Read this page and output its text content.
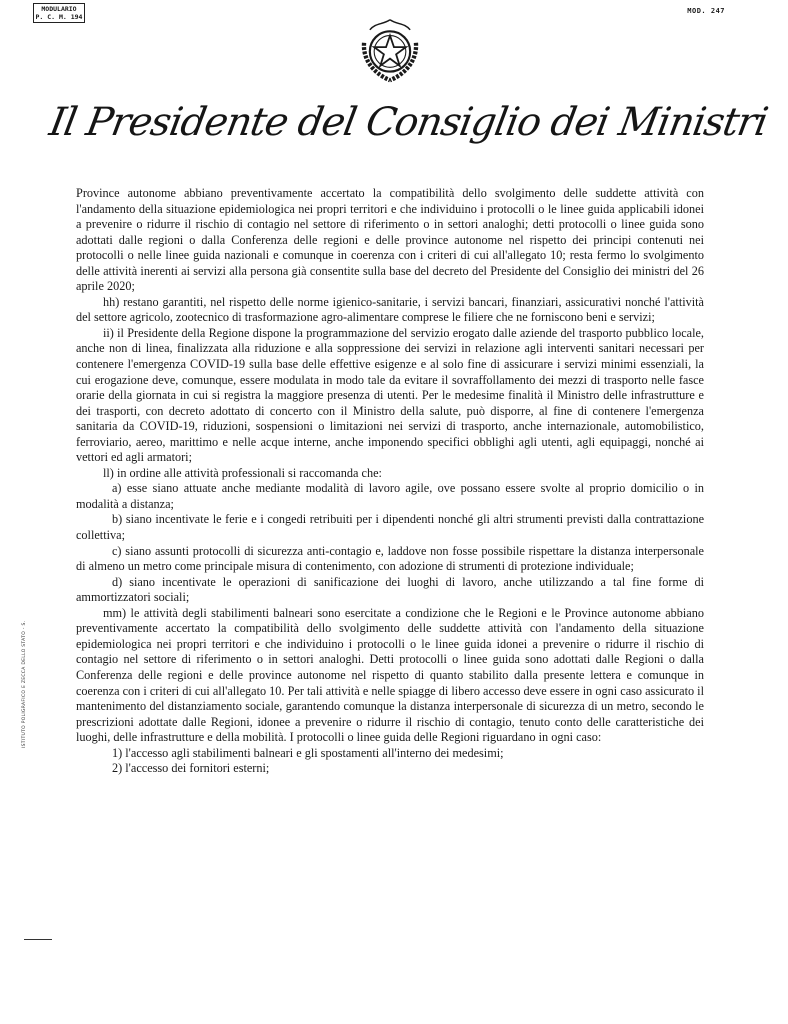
MODULARIO
P. C. M. 194
MOD. 247
Il Presidente del Consiglio dei Ministri
ISTITUTO POLIGRAFICO E ZECCA DELLO STATO - S.

Province autonome abbiano preventivamente accertato la compatibilità dello svolgimento delle suddette attività con l'andamento della situazione epidemiologica nei propri territori e che individuino i protocolli o le linee guida applicabili idonei a prevenire o ridurre il rischio di contagio nel settore di riferimento o in settori analoghi; detti protocolli o linee guida sono adottati dalle regioni o dalla Conferenza delle regioni e delle province autonome nel rispetto dei principi contenuti nei protocolli o nelle linee guida nazionali e comunque in coerenza con i criteri di cui all'allegato 10; resta fermo lo svolgimento delle attività inerenti ai servizi alla persona già consentite sulla base del decreto del Presidente del Consiglio dei ministri del 26 aprile 2020;

hh) restano garantiti, nel rispetto delle norme igienico-sanitarie, i servizi bancari, finanziari, assicurativi nonché l'attività del settore agricolo, zootecnico di trasformazione agro-alimentare comprese le filiere che ne forniscono beni e servizi;

ii) il Presidente della Regione dispone la programmazione del servizio erogato dalle aziende del trasporto pubblico locale, anche non di linea, finalizzata alla riduzione e alla soppressione dei servizi in relazione agli interventi sanitari necessari per contenere l'emergenza COVID-19 sulla base delle effettive esigenze e al solo fine di assicurare i servizi minimi essenziali, la cui erogazione deve, comunque, essere modulata in modo tale da evitare il sovraffollamento dei mezzi di trasporto nelle fasce orarie della giornata in cui si registra la maggiore presenza di utenti. Per le medesime finalità il Ministro delle infrastrutture e dei trasporti, con decreto adottato di concerto con il Ministro della salute, può disporre, al fine di contenere l'emergenza sanitaria da COVID-19, riduzioni, sospensioni o limitazioni nei servizi di trasporto, anche internazionale, automobilistico, ferroviario, aereo, marittimo e nelle acque interne, anche imponendo specifici obblighi agli utenti, agli equipaggi, nonché ai vettori ed agli armatori;

ll) in ordine alle attività professionali si raccomanda che:

a) esse siano attuate anche mediante modalità di lavoro agile, ove possano essere svolte al proprio domicilio o in modalità a distanza;

b) siano incentivate le ferie e i congedi retribuiti per i dipendenti nonché gli altri strumenti previsti dalla contrattazione collettiva;

c) siano assunti protocolli di sicurezza anti-contagio e, laddove non fosse possibile rispettare la distanza interpersonale di almeno un metro come principale misura di contenimento, con adozione di strumenti di protezione individuale;

d) siano incentivate le operazioni di sanificazione dei luoghi di lavoro, anche utilizzando a tal fine forme di ammortizzatori sociali;

mm) le attività degli stabilimenti balneari sono esercitate a condizione che le Regioni e le Province autonome abbiano preventivamente accertato la compatibilità dello svolgimento delle suddette attività con l'andamento della situazione epidemiologica nei propri territori e che individuino i protocolli o le linee guida idonei a prevenire o ridurre il rischio di contagio nel settore di riferimento o in settori analoghi. Detti protocolli o linee guida sono adottati dalle Regioni o dalla Conferenza delle regioni e delle province autonome nel rispetto di quanto stabilito dalla presente lettera e comunque in coerenza con i criteri di cui all'allegato 10. Per tali attività e nelle spiagge di libero accesso deve essere in ogni caso assicurato il mantenimento del distanziamento sociale, garantendo comunque la distanza interpersonale di sicurezza di un metro, secondo le prescrizioni adottate dalle Regioni, idonee a prevenire o ridurre il rischio di contagio, tenuto conto delle caratteristiche dei luoghi, delle infrastrutture e della mobilità. I protocolli o linee guida delle Regioni riguardano in ogni caso:

1) l'accesso agli stabilimenti balneari e gli spostamenti all'interno dei medesimi;

2) l'accesso dei fornitori esterni;
